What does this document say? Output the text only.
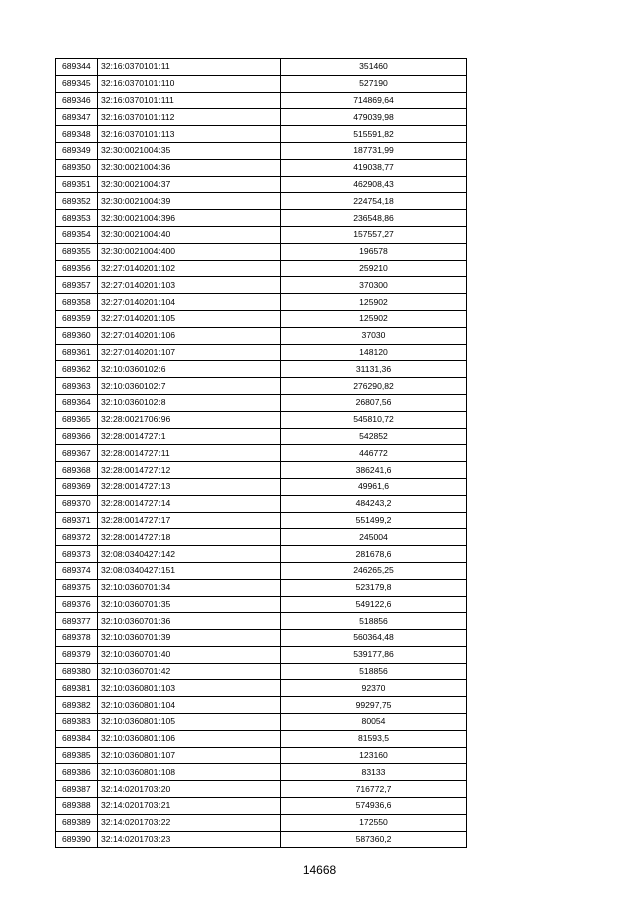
689344	32:16:0370101:11	351460
689345	32:16:0370101:110	527190
689346	32:16:0370101:111	714869,64
689347	32:16:0370101:112	479039,98
689348	32:16:0370101:113	515591,82
689349	32:30:0021004:35	187731,99
689350	32:30:0021004:36	419038,77
689351	32:30:0021004:37	462908,43
689352	32:30:0021004:39	224754,18
689353	32:30:0021004:396	236548,86
689354	32:30:0021004:40	157557,27
689355	32:30:0021004:400	196578
689356	32:27:0140201:102	259210
689357	32:27:0140201:103	370300
689358	32:27:0140201:104	125902
689359	32:27:0140201:105	125902
689360	32:27:0140201:106	37030
689361	32:27:0140201:107	148120
689362	32:10:0360102:6	31131,36
689363	32:10:0360102:7	276290,82
689364	32:10:0360102:8	26807,56
689365	32:28:0021706:96	545810,72
689366	32:28:0014727:1	542852
689367	32:28:0014727:11	446772
689368	32:28:0014727:12	386241,6
689369	32:28:0014727:13	49961,6
689370	32:28:0014727:14	484243,2
689371	32:28:0014727:17	551499,2
689372	32:28:0014727:18	245004
689373	32:08:0340427:142	281678,6
689374	32:08:0340427:151	246265,25
689375	32:10:0360701:34	523179,8
689376	32:10:0360701:35	549122,6
689377	32:10:0360701:36	518856
689378	32:10:0360701:39	560364,48
689379	32:10:0360701:40	539177,86
689380	32:10:0360701:42	518856
689381	32:10:0360801:103	92370
689382	32:10:0360801:104	99297,75
689383	32:10:0360801:105	80054
689384	32:10:0360801:106	81593,5
689385	32:10:0360801:107	123160
689386	32:10:0360801:108	83133
689387	32:14:0201703:20	716772,7
689388	32:14:0201703:21	574936,6
689389	32:14:0201703:22	172550
689390	32:14:0201703:23	587360,2
14668
